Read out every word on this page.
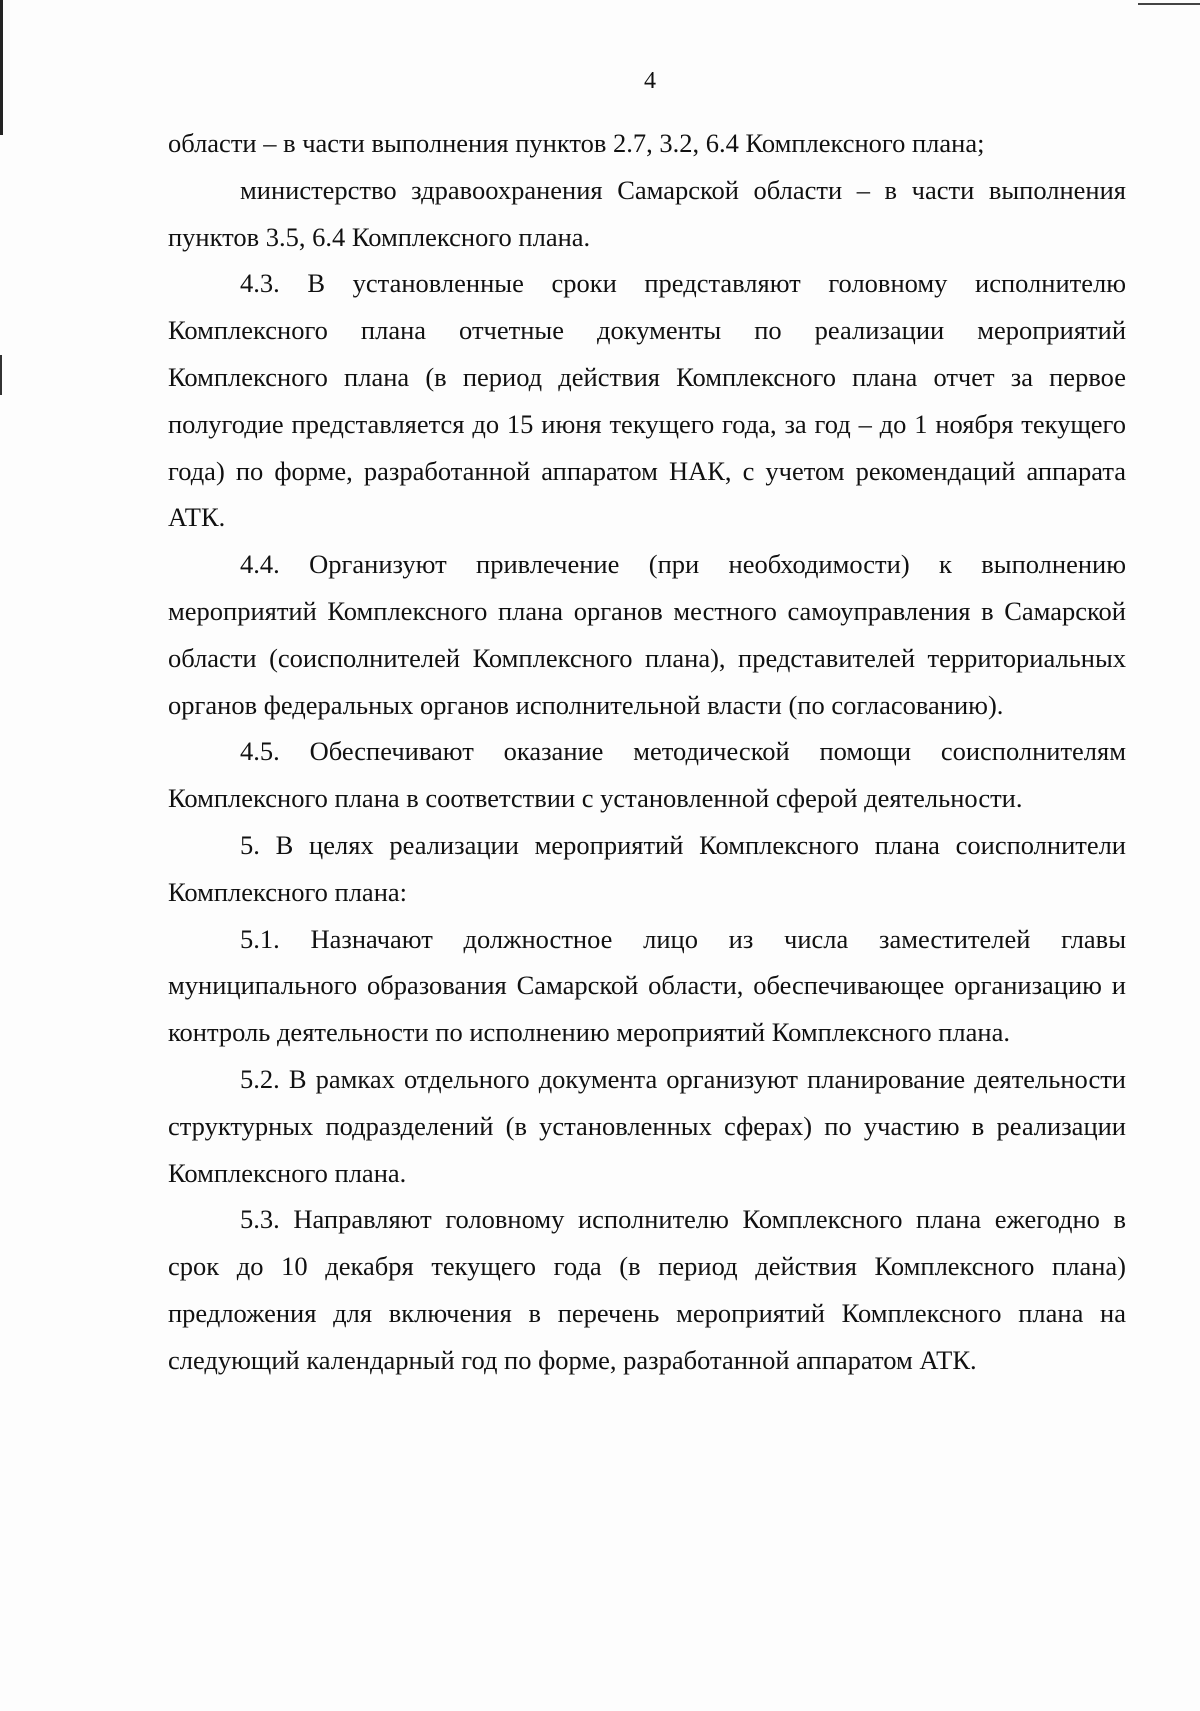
4

области – в части выполнения пунктов 2.7, 3.2, 6.4 Комплексного плана;

министерство здравоохранения Самарской области – в части выполнения пунктов 3.5, 6.4 Комплексного плана.

4.3. В установленные сроки представляют головному исполнителю Комплексного плана отчетные документы по реализации мероприятий Комплексного плана (в период действия Комплексного плана отчет за первое полугодие представляется до 15 июня текущего года, за год – до 1 ноября текущего года) по форме, разработанной аппаратом НАК, с учетом рекомендаций аппарата АТК.

4.4. Организуют привлечение (при необходимости) к выполнению мероприятий Комплексного плана органов местного самоуправления в Самарской области (соисполнителей Комплексного плана), представителей территориальных органов федеральных органов исполнительной власти (по согласованию).

4.5. Обеспечивают оказание методической помощи соисполнителям Комплексного плана в соответствии с установленной сферой деятельности.

5. В целях реализации мероприятий Комплексного плана соисполнители Комплексного плана:

5.1. Назначают должностное лицо из числа заместителей главы муниципального образования Самарской области, обеспечивающее организацию и контроль деятельности по исполнению мероприятий Комплексного плана.

5.2. В рамках отдельного документа организуют планирование деятельности структурных подразделений (в установленных сферах) по участию в реализации Комплексного плана.

5.3. Направляют головному исполнителю Комплексного плана ежегодно в срок до 10 декабря текущего года (в период действия Комплексного плана) предложения для включения в перечень мероприятий Комплексного плана на следующий календарный год по форме, разработанной аппаратом АТК.
